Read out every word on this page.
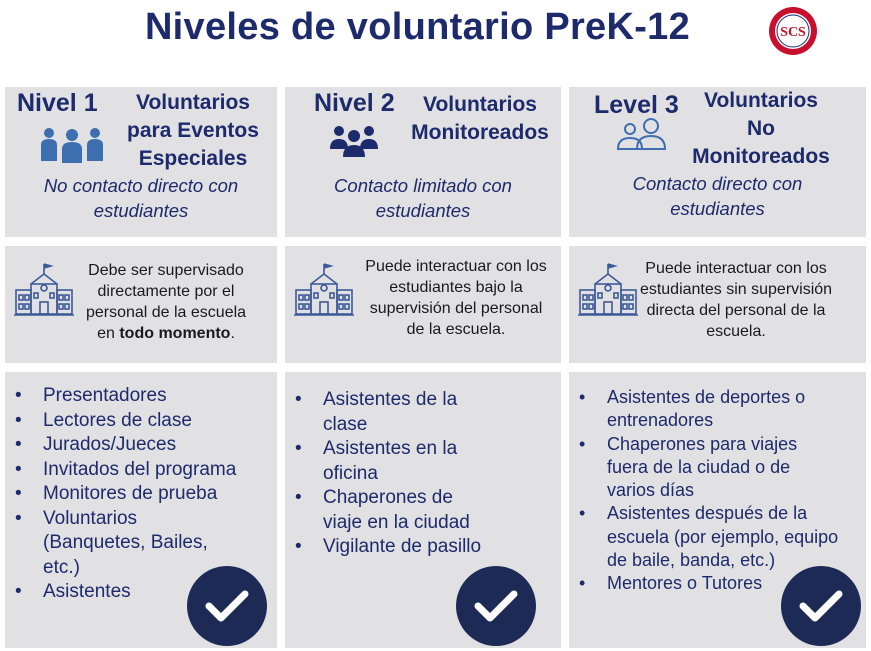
Niveles de voluntario PreK-12	SCS
Nivel 1	Voluntarios
para Eventos
Especiales
No contacto directo con
estudiantes
Nivel 2	Voluntarios
Monitoreados
Contacto limitado con
estudiantes
Level 3	Voluntarios
No
Monitoreados
Contacto directo con
estudiantes
Debe ser supervisado directamente por el personal de la escuela en todo momento.
Puede interactuar con los estudiantes bajo la supervisión del personal de la escuela.
Puede interactuar con los estudiantes sin supervisión directa del personal de la escuela.
• Presentadores
• Lectores de clase
• Jurados/Jueces
• Invitados del programa
• Monitores de prueba
• Voluntarios (Banquetes, Bailes, etc.)
• Asistentes
• Asistentes de la clase
• Asistentes en la oficina
• Chaperones de viaje en la ciudad
• Vigilante de pasillo
• Asistentes de deportes o entrenadores
• Chaperones para viajes fuera de la ciudad o de varios días
• Asistentes después de la escuela (por ejemplo, equipo de baile, banda, etc.)
• Mentores o Tutores
